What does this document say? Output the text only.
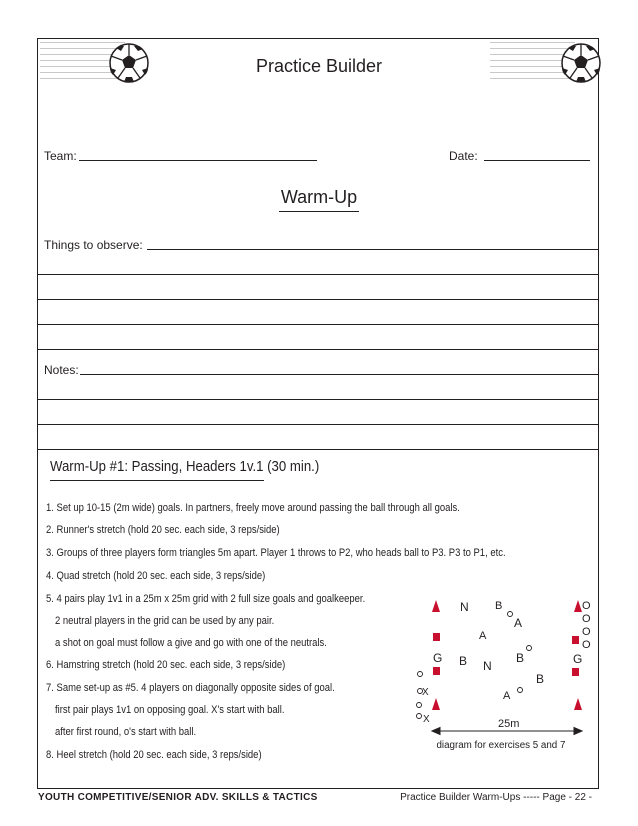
Practice Builder
Team:	Date:
Warm-Up
Things to observe:
Notes:
Warm-Up #1: Passing, Headers 1v.1 (30 min.)
1. Set up 10-15 (2m wide) goals. In partners, freely move around passing the ball through all goals.
2. Runner's stretch (hold 20 sec. each side, 3 reps/side)
3. Groups of three players form triangles 5m apart. Player 1 throws to P2, who heads ball to P3. P3 to P1, etc.
4. Quad stretch (hold 20 sec. each side, 3 reps/side)
5. 4 pairs play 1v1 in a 25m x 25m grid with 2 full size goals and goalkeeper.
2 neutral players in the grid can be used by any pair.
a shot on goal must follow a give and go with one of the neutrals.
6. Hamstring stretch (hold 20 sec. each side, 3 reps/side)
7. Same set-up as #5. 4 players on diagonally opposite sides of goal.
first pair plays 1v1 on opposing goal. X's start with ball.
after first round, o's start with ball.
8. Heel stretch (hold 20 sec. each side, 3 reps/side)
N B
A
A
G B N
B	G
B
A
X
X
O
O
O
O
25m
diagram for exercises 5 and 7
YOUTH COMPETITIVE/SENIOR ADV. SKILLS & TACTICS	Practice Builder Warm-Ups ----- Page - 22 -
